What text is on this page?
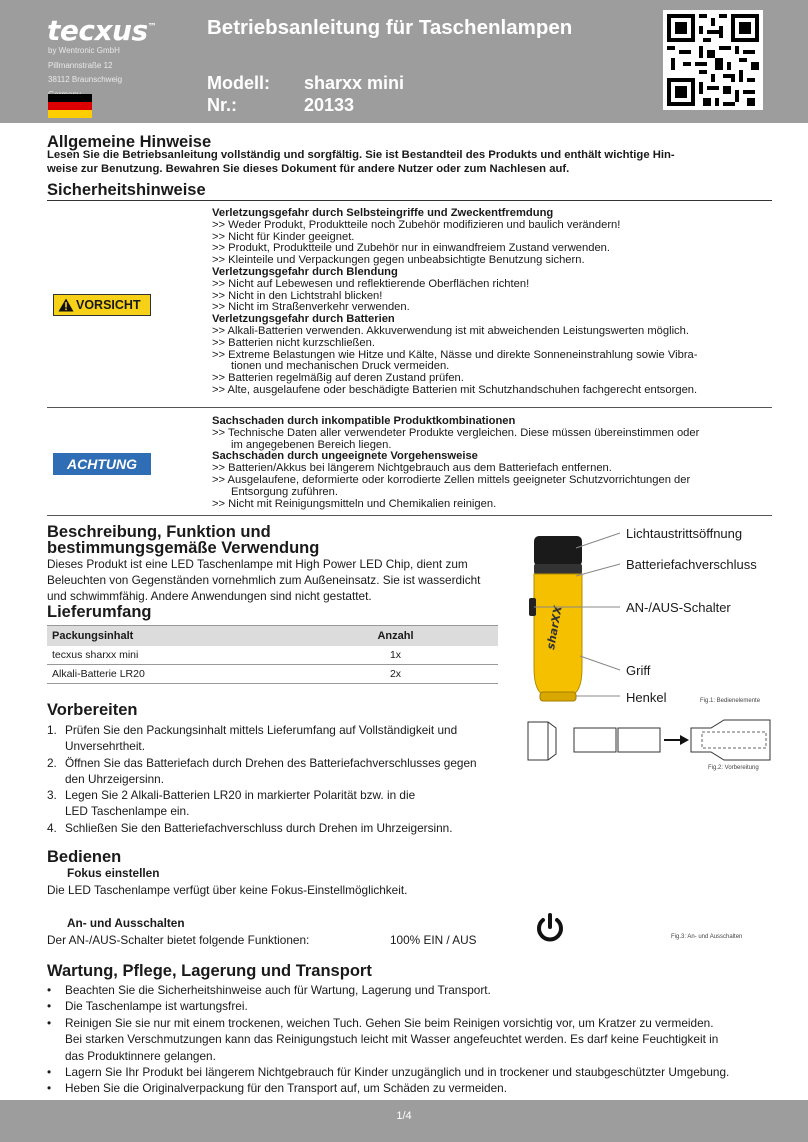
tecxus™
by Wentronic GmbH
Pillmannstraße 12
38112 Braunschweig
Betriebsanleitung für Taschenlampen
Modell: sharxx mini
Nr.:	20133
Allgemeine Hinweise
Lesen Sie die Betriebsanleitung vollständig und sorgfältig. Sie ist Bestandteil des Produkts und enthält wichtige Hin-
weise zur Benutzung. Bewahren Sie dieses Dokument für andere Nutzer oder zum Nachlesen auf.
Sicherheitshinweise
VORSICHT
Verletzungsgefahr durch Selbsteingriffe und Zweckentfremdung
>> Weder Produkt, Produktteile noch Zubehör modifizieren und baulich verändern!
>> Nicht für Kinder geeignet.
>> Produkt, Produktteile und Zubehör nur in einwandfreiem Zustand verwenden.
>> Kleinteile und Verpackungen gegen unbeabsichtigte Benutzung sichern.
Verletzungsgefahr durch Blendung
>> Nicht auf Lebewesen und reflektierende Oberflächen richten!
>> Nicht in den Lichtstrahl blicken!
>> Nicht im Straßenverkehr verwenden.
Verletzungsgefahr durch Batterien
>> Alkali-Batterien verwenden. Akkuverwendung ist mit abweichenden Leistungswerten möglich.
>> Batterien nicht kurzschließen.
>> Extreme Belastungen wie Hitze und Kälte, Nässe und direkte Sonneneinstrahlung sowie Vibra-
tionen und mechanischen Druck vermeiden.
>> Batterien regelmäßig auf deren Zustand prüfen.
>> Alte, ausgelaufene oder beschädigte Batterien mit Schutzhandschuhen fachgerecht entsorgen.
ACHTUNG
Sachschaden durch inkompatible Produktkombinationen
>> Technische Daten aller verwendeter Produkte vergleichen. Diese müssen übereinstimmen oder
im angegebenen Bereich liegen.
Sachschaden durch ungeeignete Vorgehensweise
>> Batterien/Akkus bei längerem Nichtgebrauch aus dem Batteriefach entfernen.
>> Ausgelaufene, deformierte oder korrodierte Zellen mittels geeigneter Schutzvorrichtungen der
Entsorgung zuführen.
>> Nicht mit Reinigungsmitteln und Chemikalien reinigen.
Beschreibung, Funktion und
bestimmungsgemäße Verwendung
Dieses Produkt ist eine LED Taschenlampe mit High Power LED Chip, dient zum
Beleuchten von Gegenständen vornehmlich zum Außeneinsatz. Sie ist wasserdicht
und schwimmfähig. Andere Anwendungen sind nicht gestattet.
Lieferumfang
Packungsinhalt	Anzahl
tecxus sharxx mini	1x
Alkali-Batterie LR20	2x
sharXX
Lichtaustrittsöffnung
Batteriefachverschluss
AN-/AUS-Schalter
Griff
Henkel	Fig.1: Bedienelemente
Fig.2: Vorbereitung
Vorbereiten
1. Prüfen Sie den Packungsinhalt mittels Lieferumfang auf Vollständigkeit und
Unversehrtheit.
2. Öffnen Sie das Batteriefach durch Drehen des Batteriefachverschlusses gegen
den Uhrzeigersinn.
3. Legen Sie 2 Alkali-Batterien LR20 in markierter Polarität bzw. in die
LED Taschenlampe ein.
4. Schließen Sie den Batteriefachverschluss durch Drehen im Uhrzeigersinn.
Bedienen
Fokus einstellen
Die LED Taschenlampe verfügt über keine Fokus-Einstellmöglichkeit.
An- und Ausschalten
Der AN-/AUS-Schalter bietet folgende Funktionen:	100% EIN / AUS	Fig.3: An- und Ausschalten
Wartung, Pflege, Lagerung und Transport
• Beachten Sie die Sicherheitshinweise auch für Wartung, Lagerung und Transport.
• Die Taschenlampe ist wartungsfrei.
• Reinigen Sie sie nur mit einem trockenen, weichen Tuch. Gehen Sie beim Reinigen vorsichtig vor, um Kratzer zu vermeiden.
Bei starken Verschmutzungen kann das Reinigungstuch leicht mit Wasser angefeuchtet werden. Es darf keine Feuchtigkeit in
das Produktinnere gelangen.
• Lagern Sie Ihr Produkt bei längerem Nichtgebrauch für Kinder unzugänglich und in trockener und staubgeschützter Umgebung.
• Heben Sie die Originalverpackung für den Transport auf, um Schäden zu vermeiden.
1/4
